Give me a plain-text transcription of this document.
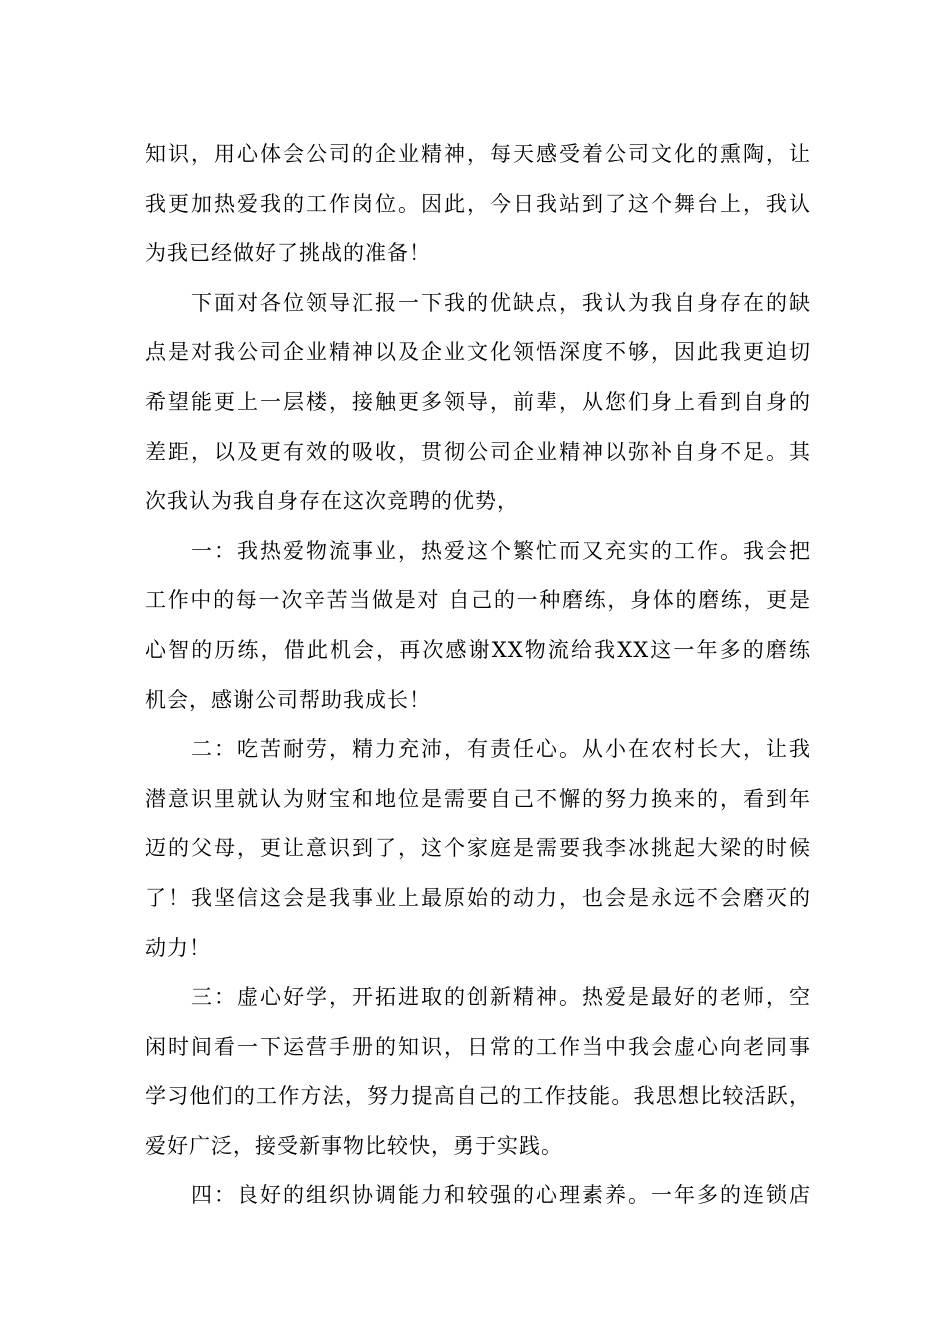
知识，用心体会公司的企业精神，每天感受着公司文化的熏陶，让
我更加热爱我的工作岗位。因此，今日我站到了这个舞台上，我认
为我已经做好了挑战的准备！
下面对各位领导汇报一下我的优缺点，我认为我自身存在的缺
点是对我公司企业精神以及企业文化领悟深度不够，因此我更迫切
希望能更上一层楼，接触更多领导，前辈，从您们身上看到自身的
差距，以及更有效的吸收，贯彻公司企业精神以弥补自身不足。其
次我认为我自身存在这次竞聘的优势，
一：我热爱物流事业，热爱这个繁忙而又充实的工作。我会把
工作中的每一次辛苦当做是对 自己的一种磨练，身体的磨练，更是
心智的历练，借此机会，再次感谢XX物流给我XX这一年多的磨练
机会，感谢公司帮助我成长！
二：吃苦耐劳，精力充沛，有责任心。从小在农村长大，让我
潜意识里就认为财宝和地位是需要自己不懈的努力换来的，看到年
迈的父母，更让意识到了，这个家庭是需要我李冰挑起大梁的时候
了！我坚信这会是我事业上最原始的动力，也会是永远不会磨灭的
动力！
三：虚心好学，开拓进取的创新精神。热爱是最好的老师，空
闲时间看一下运营手册的知识，日常的工作当中我会虚心向老同事
学习他们的工作方法，努力提高自己的工作技能。我思想比较活跃，
爱好广泛，接受新事物比较快，勇于实践。
四：良好的组织协调能力和较强的心理素养。一年多的连锁店
